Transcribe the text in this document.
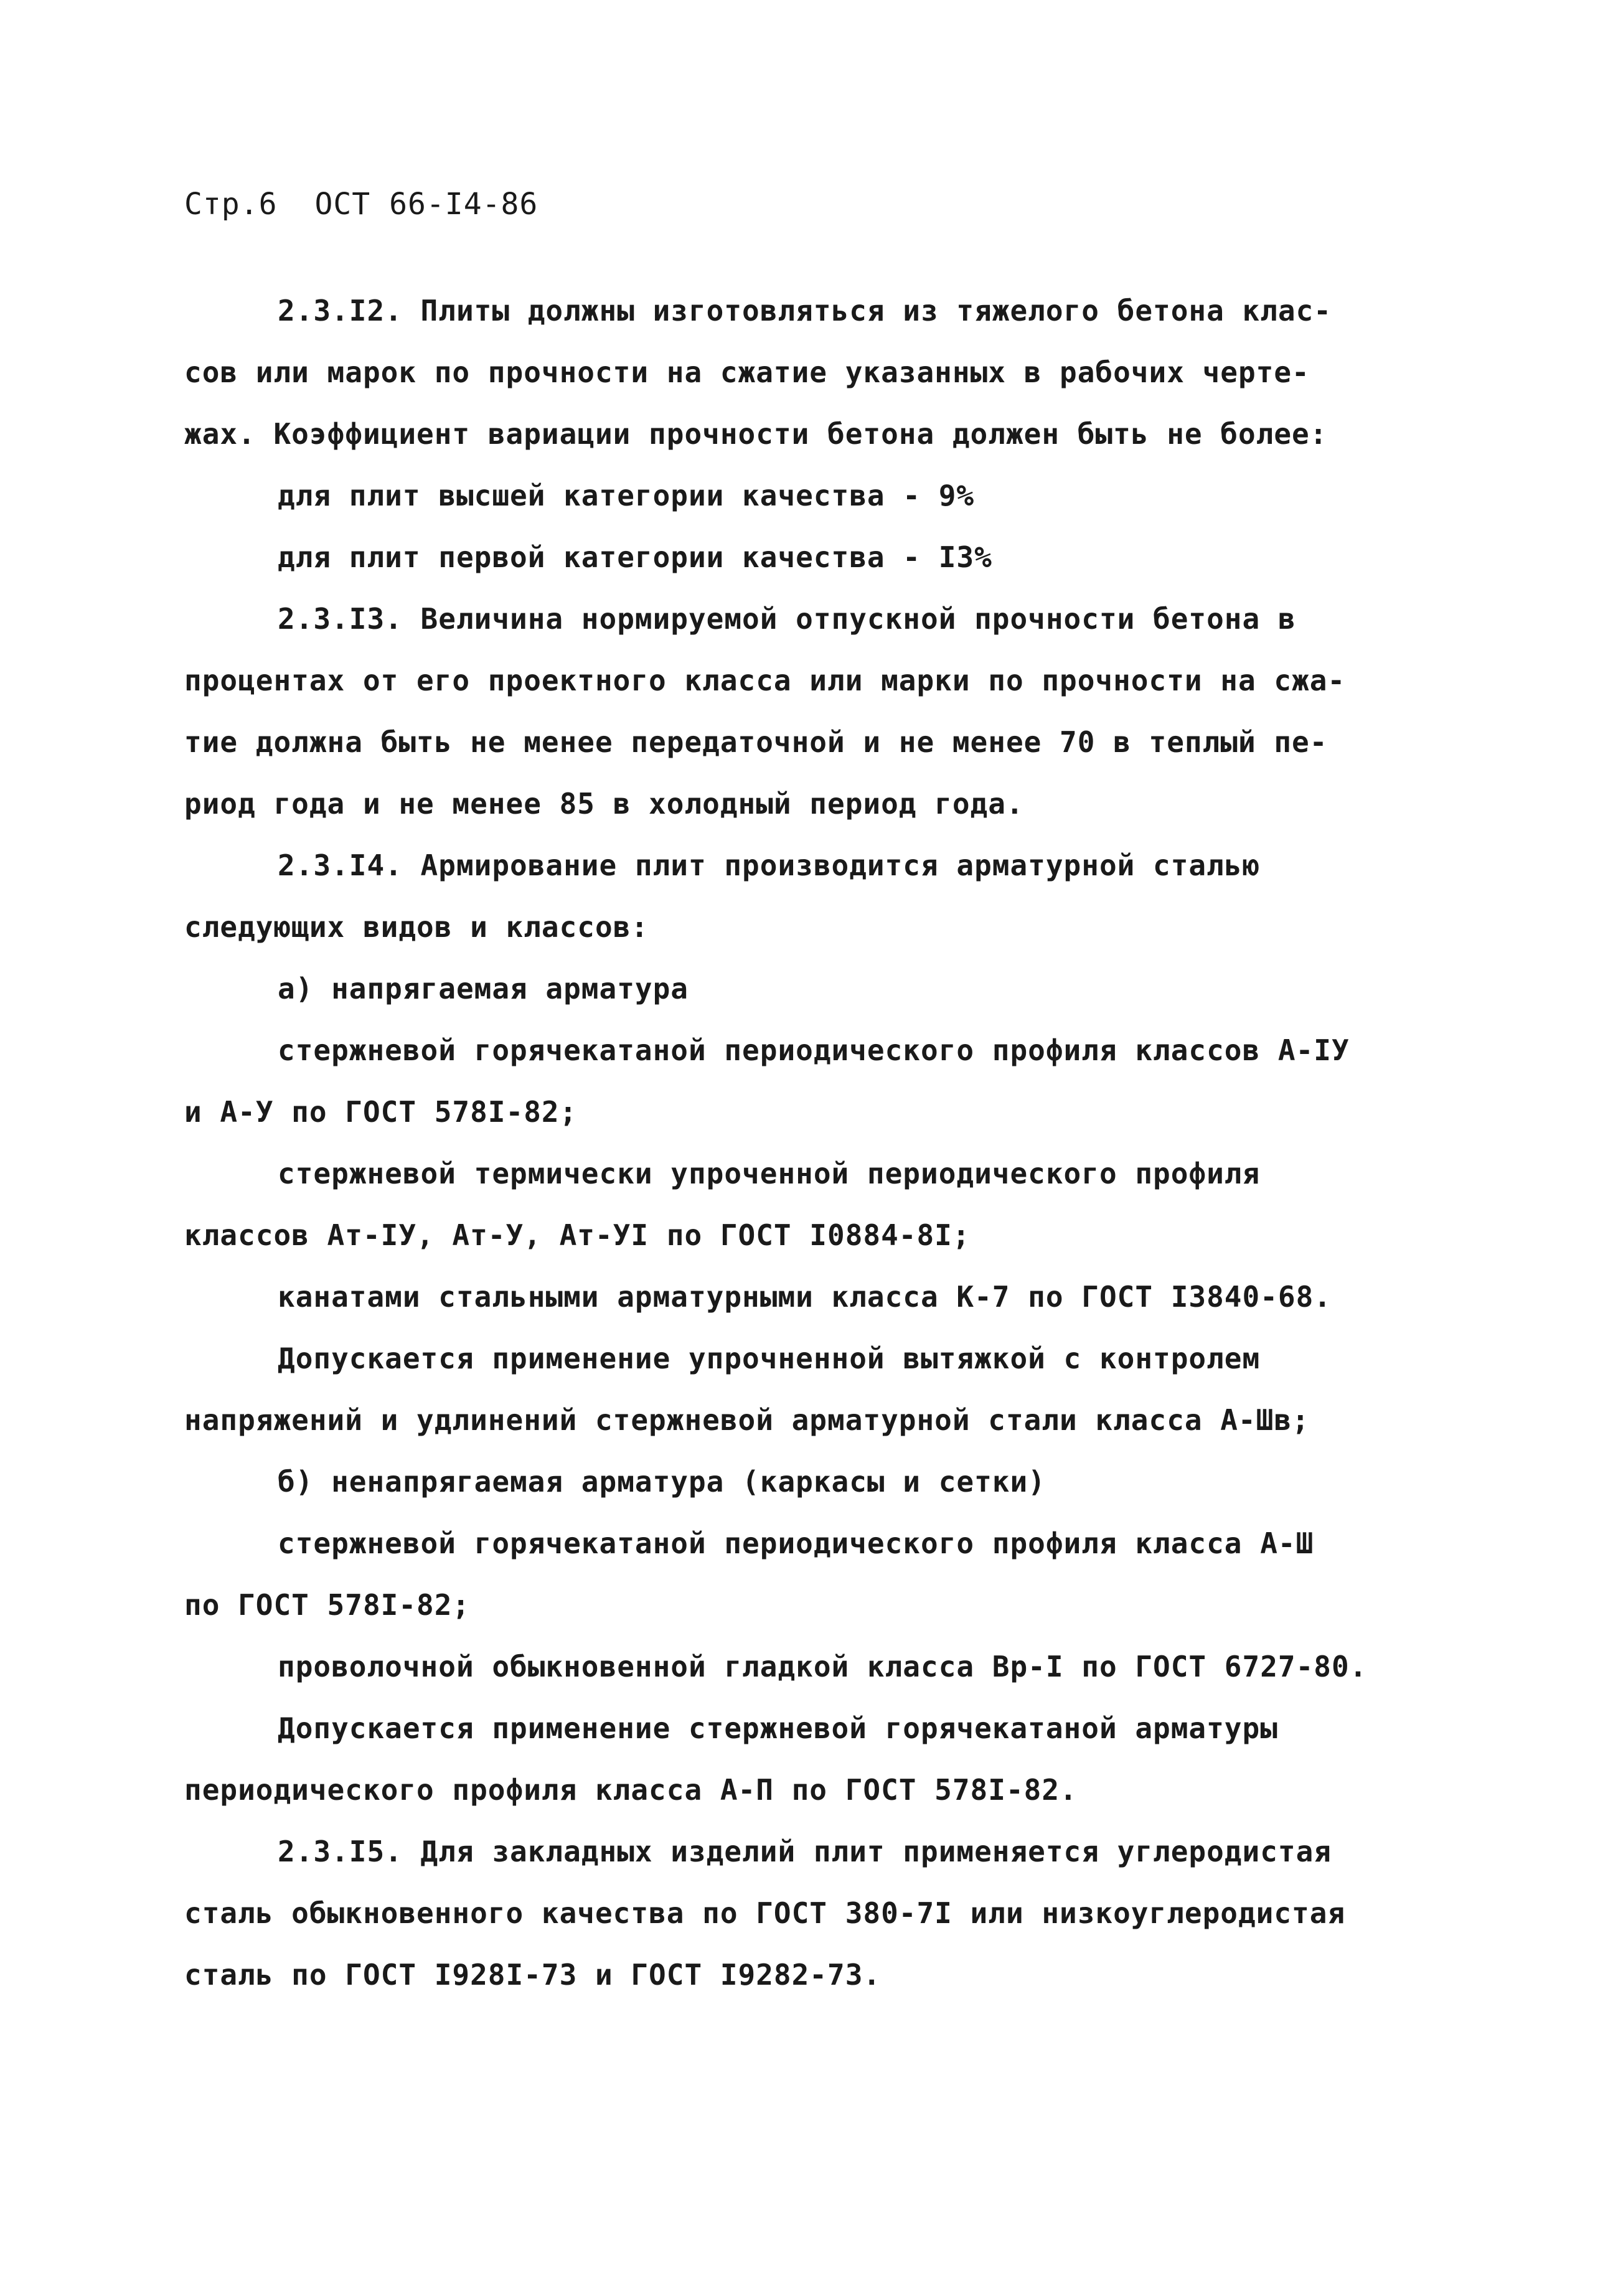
Стр.6 ОСТ 66-І4-86
2.3.І2. Плиты должны изготовляться из тяжелого бетона клас-
сов или марок по прочности на сжатие указанных в рабочих черте-
жах. Коэффициент вариации прочности бетона должен быть не более:
для плит высшей категории качества - 9%
для плит первой категории качества - І3%
2.3.І3. Величина нормируемой отпускной прочности бетона в
процентах от его проектного класса или марки по прочности на сжа-
тие должна быть не менее передаточной и не менее 70 в теплый пе-
риод года и не менее 85 в холодный период года.
2.3.І4. Армирование плит производится арматурной сталью
следующих видов и классов:
а) напрягаемая арматура
стержневой горячекатаной периодического профиля классов А-ІУ
и А-У по ГОСТ 578І-82;
стержневой термически упроченной периодического профиля
классов Ат-ІУ, Ат-У, Ат-УІ по ГОСТ І0884-8І;
канатами стальными арматурными класса К-7 по ГОСТ І3840-68.
Допускается применение упрочненной вытяжкой с контролем
напряжений и удлинений стержневой арматурной стали класса А-Шв;
б) ненапрягаемая арматура (каркасы и сетки)
стержневой горячекатаной периодического профиля класса А-Ш
по ГОСТ 578І-82;
проволочной обыкновенной гладкой класса Вр-І по ГОСТ 6727-80.
Допускается применение стержневой горячекатаной арматуры
периодического профиля класса А-П по ГОСТ 578І-82.
2.3.І5. Для закладных изделий плит применяется углеродистая
сталь обыкновенного качества по ГОСТ 380-7І или низкоуглеродистая
сталь по ГОСТ І928І-73 и ГОСТ І9282-73.
